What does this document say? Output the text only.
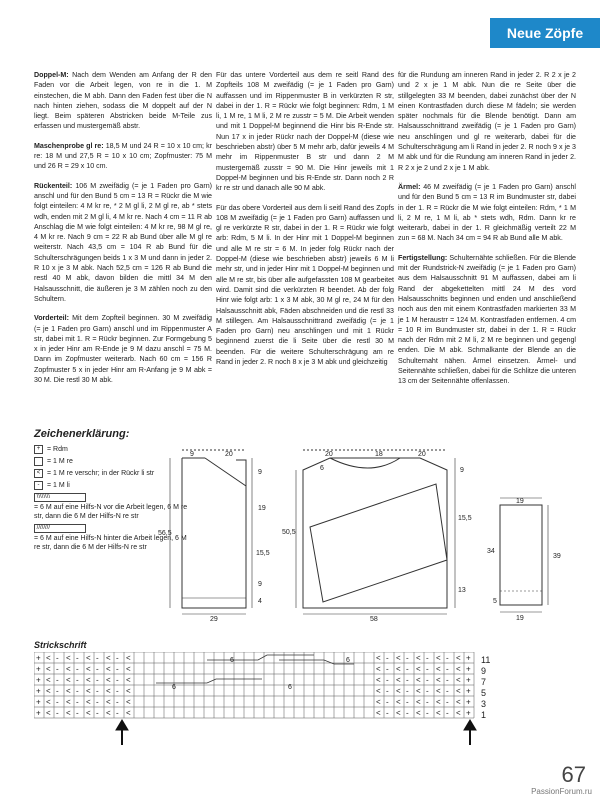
Neue Zöpfe

Doppel-M: Nach dem Wenden am Anfang der R den Faden vor die Arbeit legen, von re in die 1. M einstechen, die M abh. Dann den Faden fest über die N nach hinten ziehen, sodass die M doppelt auf der N liegt. Beim späteren Abstricken beide M-Teile zus erfassen und mustergemäß abstr.

Maschenprobe gl re: 18,5 M und 24 R = 10 x 10 cm; kr re: 18 M und 27,5 R = 10 x 10 cm; Zopfmuster: 75 M und 26 R = 29 x 10 cm.

Rückenteil: 106 M zweifädig (= je 1 Faden pro Garn) anschl und für den Bund 5 cm = 13 R = Rückr die M wie folgt einteilen: 4 M kr re, * 2 M gl li, 2 M gl re, ab * stets wdh, enden mit 2 M gl li, 4 M kr re. Nach 4 cm = 11 R ab Anschlag die M wie folgt einteilen: 4 M kr re, 98 M gl re, 4 M kr re. Nach 9 cm = 22 R ab Bund über alle M gl re weiterstr. Nach 43,5 cm = 104 R ab Bund für die Schulterschrägungen beids 1 x 3 M und dann in jeder 2. R 10 x je 3 M abk. Nach 52,5 cm = 126 R ab Bund die restl 40 M abk, davon bilden die mittl 34 M den Halsausschnitt, die äußeren je 3 M zählen noch zu den Schultern.

Vorderteil: Mit dem Zopfteil beginnen. 30 M zweifädig (= je 1 Faden pro Garn) anschl und im Rippenmuster A str, dabei mit 1. R = Rückr beginnen. Zur Formgebung 5 x in jeder Hinr am R-Ende je 9 M dazu anschl = 75 M. Dann im Zopfmuster weiterarb. Nach 60 cm = 156 R Zopfmuster 5 x in jeder Hinr am R-Anfang je 9 M abk = 30 M. Die restl 30 M abk.

Für das untere Vorderteil aus dem re seitl Rand des Zopfteils 108 M zweifädig (= je 1 Faden pro Garn) auffassen und im Rippenmuster B in verkürzten R str, dabei in der 1. R = Rückr wie folgt beginnen: Rdm, 1 M li, 1 M re, 1 M li, 2 M re zusstr = 5 M. Die Arbeit wenden und mit 1 Doppel-M beginnend die Hinr bis R-Ende str. Nun 17 x in jeder Rückr nach der Doppel-M (diese wie beschrieben abstr) über 5 M mehr arb, dafür jeweils 4 M mehr im Rippenmuster B str und dann 2 M mustergemäß zusstr = 90 M. Die Hinr jeweils mit 1 Doppel-M beginnen und bis R-Ende str. Dann noch 2 R kr re str und danach alle 90 M abk.

Für das obere Vorderteil aus dem li seitl Rand des Zopfs 108 M zweifädig (= je 1 Faden pro Garn) auffassen und gl re verkürzte R str, dabei in der 1. R = Rückr wie folgt arb: Rdm, 5 M li. In der Hinr mit 1 Doppel-M beginnen und alle M re str = 6 M. In jeder folg Rückr nach der Doppel-M (diese wie beschrieben abstr) jeweils 6 M li mehr str, und in jeder Hinr mit 1 Doppel-M beginnen und alle M re str, bis über alle aufgefassten 108 M gearbeitet wird. Damit sind die verkürzten R beendet. Ab der folg Hinr wie folgt arb: 1 x 3 M abk, 30 M gl re, 24 M für den Halsausschnitt abk, Fäden abschneiden und die restl 33 M stillegen. Am Halsausschnittrand zweifädig (= je 1 Faden pro Garn) neu anschlingen und mit 1 Rückr beginnend zuerst die li Seite über die restl 30 M beenden. Für die weitere Schulterschrägung am re Rand in jeder 2. R noch 8 x je 3 M abk und gleichzeitig

für die Rundung am inneren Rand in jeder 2. R 2 x je 2 und 2 x je 1 M abk. Nun die re Seite über die stillgelegten 33 M beenden, dabei zunächst über der N einen Kontrastfaden durch diese M fädeln; sie werden später nochmals für die Blende benötigt. Dann am Halsausschnittrand zweifädig (= je 1 Faden pro Garn) neu anschlingen und gl re weiterarb, dabei für die Schulterschrägung am li Rand in jeder 2. R noch 9 x je 3 M abk und für die Rundung am inneren Rand in jeder 2. R 2 x je 2 und 2 x je 1 M abk.

Ärmel: 46 M zweifädig (= je 1 Faden pro Garn) anschl und für den Bund 5 cm = 13 R im Bundmuster str, dabei in der 1. R = Rückr die M wie folgt einteilen: Rdm, * 1 M li, 2 M re, 1 M li, ab * stets wdh, Rdm. Dann kr re weiterarb, dabei in der 1. R gleichmäßig verteilt 22 M zun = 68 M. Nach 34 cm = 94 R ab Bund alle M abk.

Fertigstellung: Schulternähte schließen. Für die Blende mit der Rundstrick-N zweifädig (= je 1 Faden pro Garn) aus dem Halsausschnitt 91 M auffassen, dabei am li Rand der abgekettelten mittl 24 M des vord Halsausschnitts beginnen und enden und anschließend noch aus den mit einem Kontrastfaden markierten 33 M je 1 M heraustrr = 124 M. Kontrastfaden entfernen. 4 cm = 10 R im Bundmuster str, dabei in der 1. R = Rückr nach der Rdm mit 2 M li, 2 M re beginnen und gegengl enden. Die M abk. Schmalkante der Blende an die Schulternaht nähen. Ärmel einsetzen. Ärmel- und Seitennähte schließen, dabei für die Schlitze die unteren 13 cm der Seitennähte offenlassen.

Zeichenerklärung:
+ = Rdm
= 1 M re
< = 1 M re verschr; in der Rückr li str
-	= 1 M li
\\\\\\\\
= 6 M auf eine Hilfs-N vor die Arbeit legen, 6 M re str, dann die 6 M der Hilfs-N re str
////////
= 6 M auf eine Hilfs-N hinter die Arbeit legen, 6 M re str, dann die 6 M der Hilfs-N re str
9	20
9
19
15,5
9
4
56,5
29
6
20	18	20
9
15,5
13
50,5
58
19
34
39
5
19
Strickschrift
6	6
6	6
11
9
7
5
3
1
+ < - < - < - < - <	< - < - < - < - < +
+ < - < - < - < - <	< - < - < - < - < +
+ < - < - < - < - <	< - < - < - < - < +
+ < - < - < - < - <	< - < - < - < - < +
+ < - < - < - < - <	< - < - < - < - < +
+ < - < - < - < - <	< - < - < - < - < +
67
PassionForum.ru
